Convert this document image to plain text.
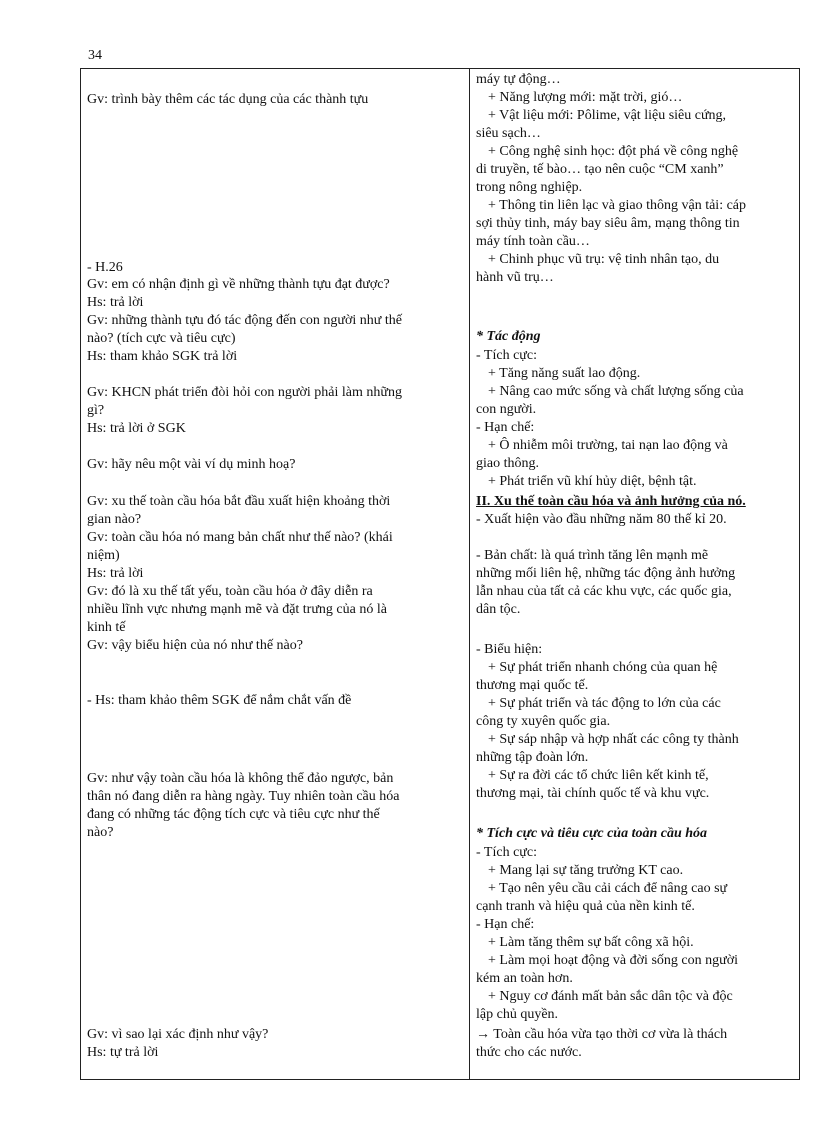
34
Gv: trình bày thêm các tác dụng của các thành tựu
- H.26
Gv: em có nhận định gì về những thành tựu đạt được?
Hs: trả lời
Gv: những thành tựu đó tác động đến con người như thế
nào? (tích cực và tiêu cực)
Hs: tham khảo SGK trả lời
Gv: KHCN phát triển đòi hỏi con người phải làm những
gì?
Hs: trả lời ở SGK
Gv: hãy nêu một vài ví dụ minh hoạ?
Gv: xu thế toàn cầu hóa bắt đầu xuất hiện khoảng thời
gian nào?
Gv: toàn cầu hóa nó mang bản chất như thế nào? (khái
niệm)
Hs: trả lời
Gv: đó là xu thế tất yếu, toàn cầu hóa ở đây diễn ra
nhiều lĩnh vực nhưng mạnh mẽ và đặt trưng của nó là
kinh tế
Gv: vậy biểu hiện của nó như thế nào?
- Hs: tham khảo thêm SGK để nắm chắt vấn đề
Gv: như vậy toàn cầu hóa là không thể đảo ngược, bản
thân nó đang diễn ra hàng ngày. Tuy nhiên toàn cầu hóa
đang có những tác động tích cực và tiêu cực như thế
nào?
Gv: vì sao lại xác định như vậy?
Hs: tự trả lời
máy tự động…
+ Năng lượng mới: mặt trời, gió…
+ Vật liệu mới: Pôlime, vật liệu siêu cứng,
siêu sạch…
+ Công nghệ sinh học: đột phá về công nghệ
di truyền, tế bào… tạo nên cuộc “CM xanh”
trong nông nghiệp.
+ Thông tin liên lạc và giao thông vận tải: cáp
sợi thủy tinh, máy bay siêu âm, mạng thông tin
máy tính toàn cầu…
+ Chinh phục vũ trụ: vệ tinh nhân tạo, du
hành vũ trụ…
* Tác động
- Tích cực:
+ Tăng năng suất lao động.
+ Nâng cao mức sống và chất lượng sống của
con người.
- Hạn chế:
+ Ô nhiễm môi trường, tai nạn lao động và
giao thông.
+ Phát triển vũ khí hủy diệt, bệnh tật.
II. Xu thế toàn cầu hóa và ảnh hưởng của nó.
- Xuất hiện vào đầu những năm 80 thế kỉ 20.
- Bản chất: là quá trình tăng lên mạnh mẽ
những mối liên hệ, những tác động ảnh hưởng
lẫn nhau của tất cả các khu vực, các quốc gia,
dân tộc.
- Biểu hiện:
+ Sự phát triển nhanh chóng của quan hệ
thương mại quốc tế.
+ Sự phát triển và tác động to lớn của các
công ty xuyên quốc gia.
+ Sự sáp nhập và hợp nhất các công ty thành
những tập đoàn lớn.
+ Sự ra đời các tổ chức liên kết kinh tế,
thương mại, tài chính quốc tế và khu vực.
* Tích cực và tiêu cực của toàn cầu hóa
- Tích cực:
+ Mang lại sự tăng trưởng KT cao.
+ Tạo nên yêu cầu cải cách để nâng cao sự
cạnh tranh và hiệu quả của nền kinh tế.
- Hạn chế:
+ Làm tăng thêm sự bất công xã hội.
+ Làm mọi hoạt động và đời sống con người
kém an toàn hơn.
+ Nguy cơ đánh mất bản sắc dân tộc và độc
lập chủ quyền.
→ Toàn cầu hóa vừa tạo thời cơ vừa là thách
thức cho các nước.
